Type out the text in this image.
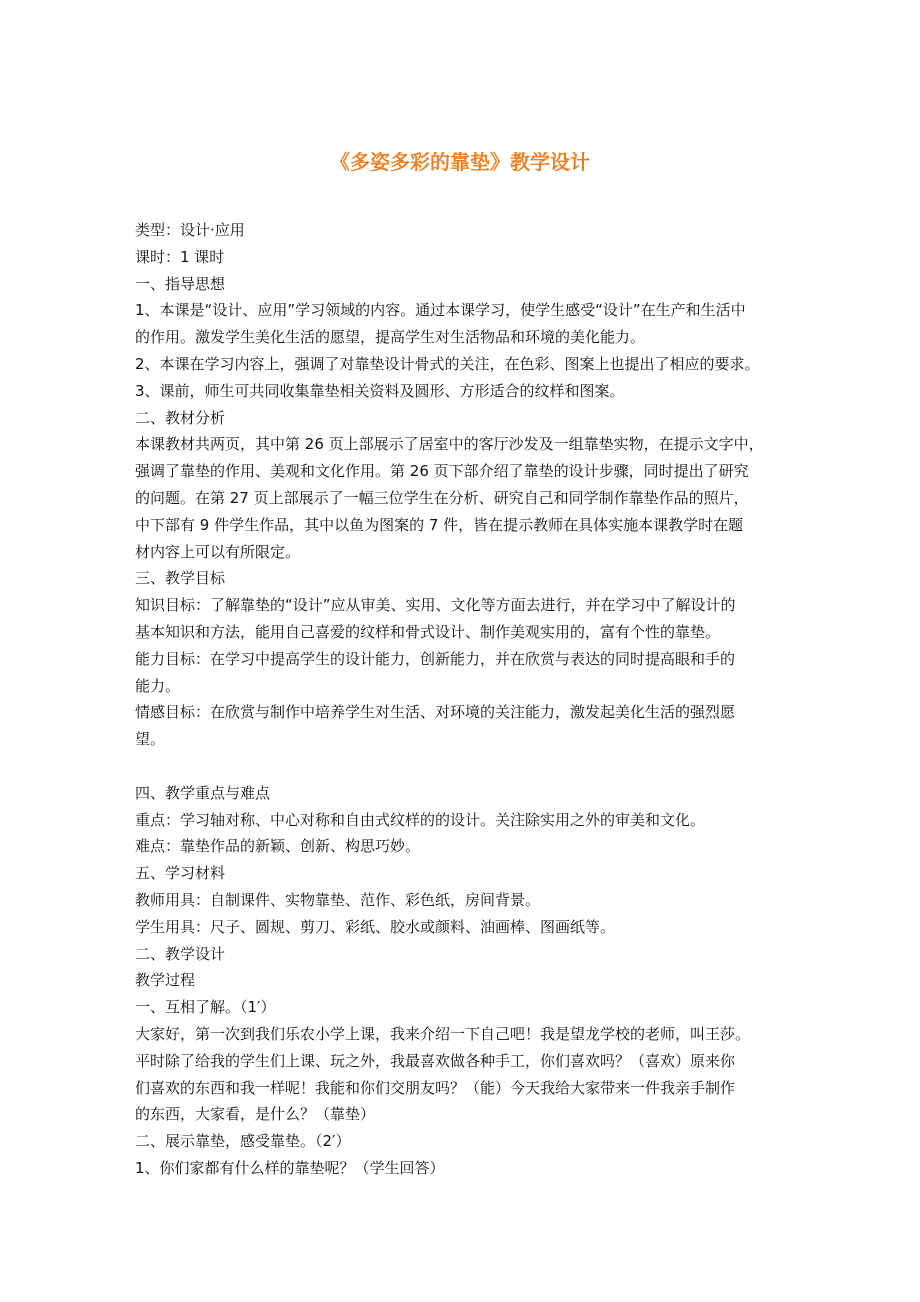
《多姿多彩的靠垫》教学设计

类型：设计·应用

课时：1 课时

一、指导思想

1、本课是“设计、应用”学习领域的内容。通过本课学习，使学生感受“设计”在生产和生活中

的作用。激发学生美化生活的愿望，提高学生对生活物品和环境的美化能力。

2、本课在学习内容上，强调了对靠垫设计骨式的关注，在色彩、图案上也提出了相应的要求。

3、课前，师生可共同收集靠垫相关资料及圆形、方形适合的纹样和图案。

二、教材分析

本课教材共两页，其中第 26 页上部展示了居室中的客厅沙发及一组靠垫实物，在提示文字中，

强调了靠垫的作用、美观和文化作用。第 26 页下部介绍了靠垫的设计步骤，同时提出了研究

的问题。在第 27 页上部展示了一幅三位学生在分析、研究自己和同学制作靠垫作品的照片，

中下部有 9 件学生作品，其中以鱼为图案的 7 件，皆在提示教师在具体实施本课教学时在题

材内容上可以有所限定。

三、教学目标

知识目标：了解靠垫的“设计”应从审美、实用、文化等方面去进行，并在学习中了解设计的

基本知识和方法，能用自己喜爱的纹样和骨式设计、制作美观实用的，富有个性的靠垫。

能力目标：在学习中提高学生的设计能力，创新能力，并在欣赏与表达的同时提高眼和手的

能力。

情感目标：在欣赏与制作中培养学生对生活、对环境的关注能力，激发起美化生活的强烈愿

望。

四、教学重点与难点

重点：学习轴对称、中心对称和自由式纹样的的设计。关注除实用之外的审美和文化。

难点：靠垫作品的新颖、创新、构思巧妙。

五、学习材料

教师用具：自制课件、实物靠垫、范作、彩色纸，房间背景。

学生用具：尺子、圆规、剪刀、彩纸、胶水或颜料、油画棒、图画纸等。

二、教学设计

教学过程

一、互相了解。（1′）

大家好，第一次到我们乐农小学上课，我来介绍一下自己吧！我是望龙学校的老师，叫王莎。

平时除了给我的学生们上课、玩之外，我最喜欢做各种手工，你们喜欢吗？（喜欢）原来你

们喜欢的东西和我一样呢！我能和你们交朋友吗？（能）今天我给大家带来一件我亲手制作

的东西，大家看，是什么？（靠垫）

二、展示靠垫，感受靠垫。（2′）

1、你们家都有什么样的靠垫呢？（学生回答）
